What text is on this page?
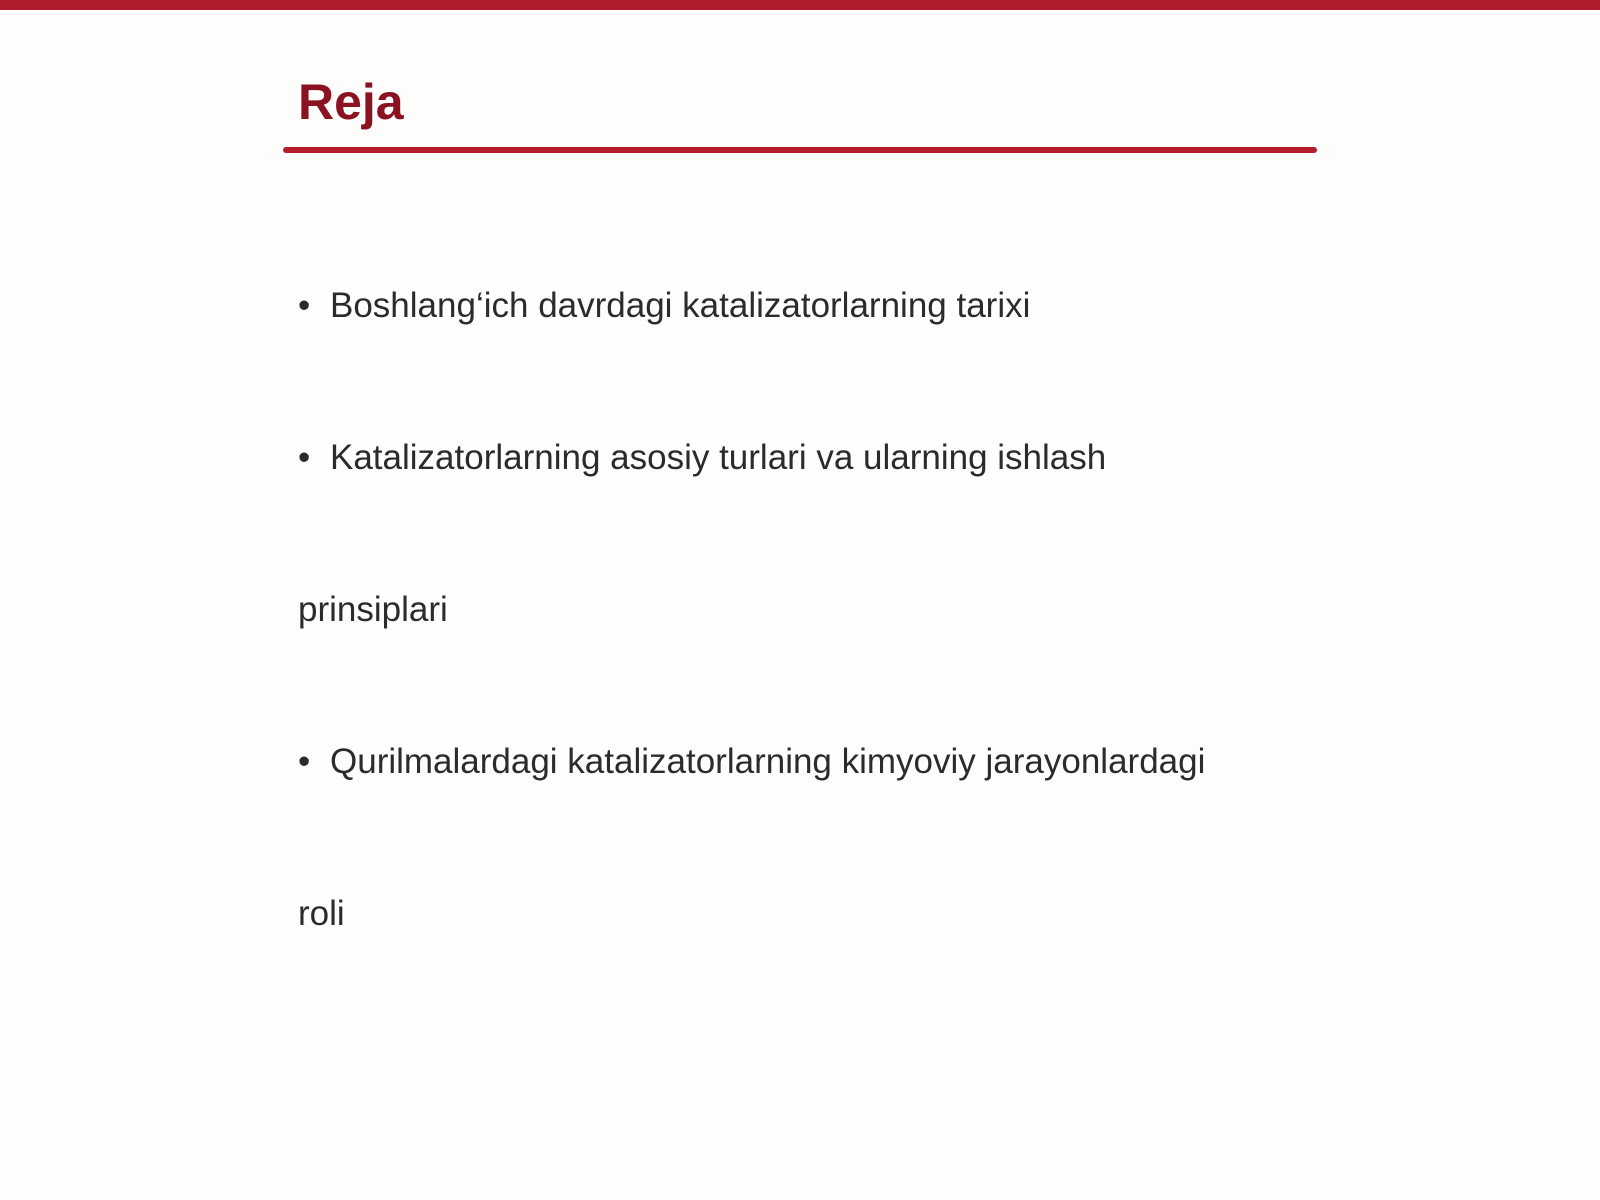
Reja

• Boshlang‘ich davrdagi katalizatorlarning tarixi

• Katalizatorlarning asosiy turlari va ularning ishlash

prinsiplari

• Qurilmalardagi katalizatorlarning kimyoviy jarayonlardagi

roli
